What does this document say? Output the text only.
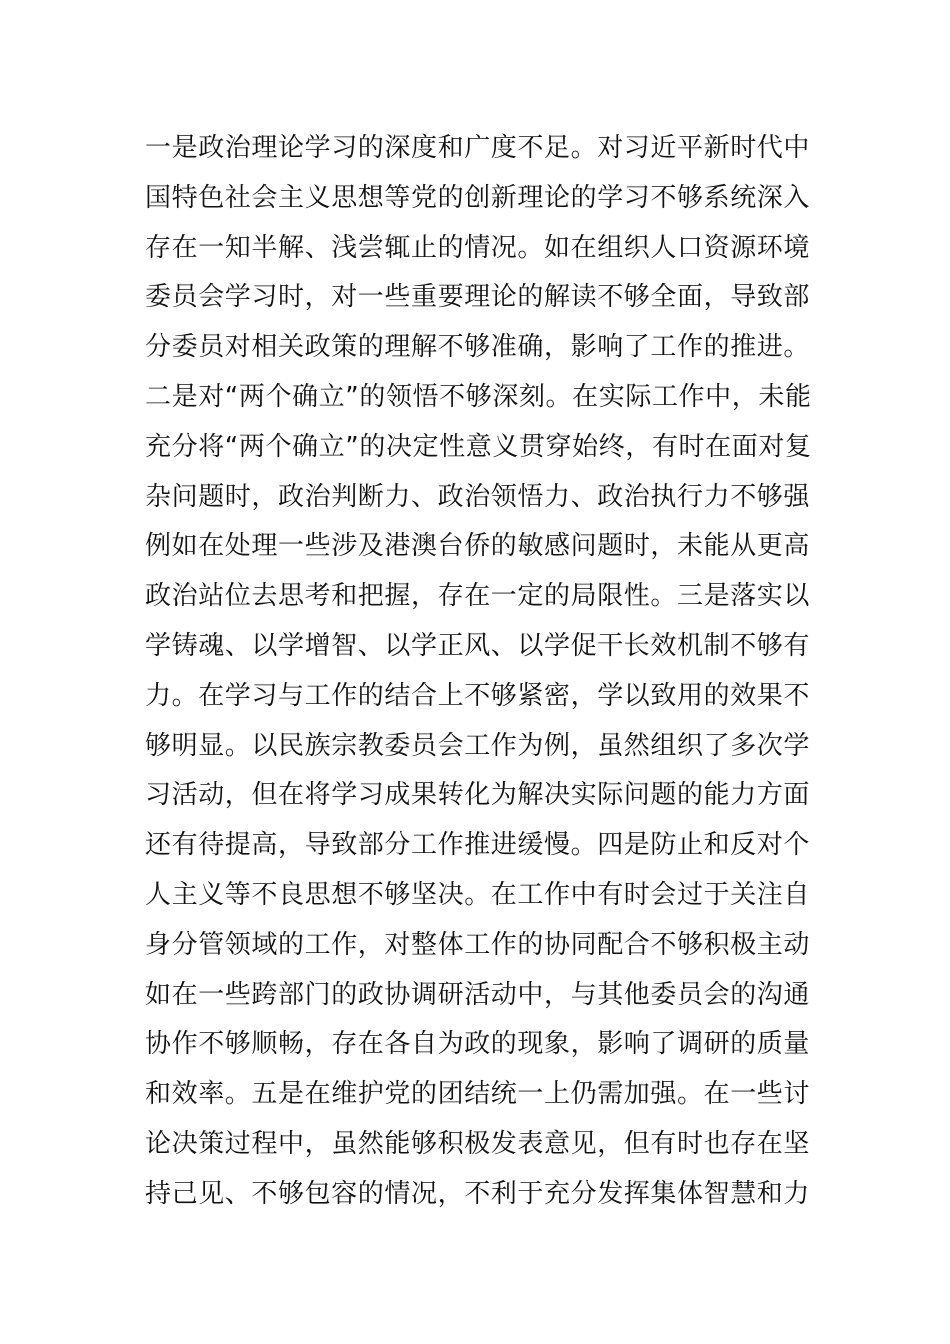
一是政治理论学习的深度和广度不足。对习近平新时代中
国特色社会主义思想等党的创新理论的学习不够系统深入
存在一知半解、浅尝辄止的情况。如在组织人口资源环境
委员会学习时，对一些重要理论的解读不够全面，导致部
分委员对相关政策的理解不够准确，影响了工作的推进。
二是对“两个确立”的领悟不够深刻。在实际工作中，未能
充分将“两个确立”的决定性意义贯穿始终，有时在面对复
杂问题时，政治判断力、政治领悟力、政治执行力不够强
例如在处理一些涉及港澳台侨的敏感问题时，未能从更高
政治站位去思考和把握，存在一定的局限性。三是落实以
学铸魂、以学增智、以学正风、以学促干长效机制不够有
力。在学习与工作的结合上不够紧密，学以致用的效果不
够明显。以民族宗教委员会工作为例，虽然组织了多次学
习活动，但在将学习成果转化为解决实际问题的能力方面
还有待提高，导致部分工作推进缓慢。四是防止和反对个
人主义等不良思想不够坚决。在工作中有时会过于关注自
身分管领域的工作，对整体工作的协同配合不够积极主动
如在一些跨部门的政协调研活动中，与其他委员会的沟通
协作不够顺畅，存在各自为政的现象，影响了调研的质量
和效率。五是在维护党的团结统一上仍需加强。在一些讨
论决策过程中，虽然能够积极发表意见，但有时也存在坚
持己见、不够包容的情况，不利于充分发挥集体智慧和力
